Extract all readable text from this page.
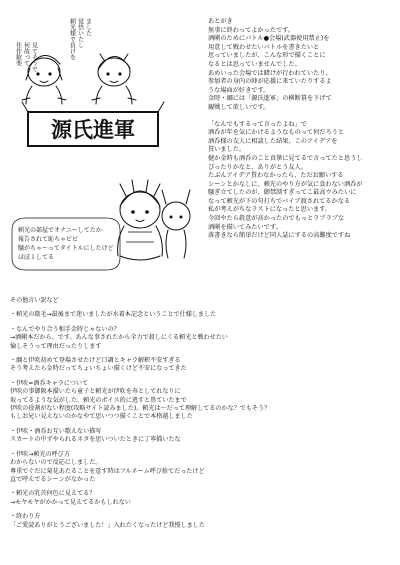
佳作歓楽 何故って 見てそうで	頼光様で負けを 覚悟いたし ました
源氏進軍
頼光の部屋でオナニーしてたか
報告されて恥ちゃビビ
騒がちゃーってタイトルにしたけど
ほぼ１してる

あとがき

無事に終わってよかったです。
酒剛のためにバトル●会場(武器使用禁止)を
用意して戦わせたいバトルを書きたいと
思っていましたが、こんな形で描くことに
なるとは思っていませんでした。
あめいった会場では賭けが行われていたり、
参加者の身内の陣が応援に来ていたりするよ
うな場面が好きです。
金時・綱には「源氏進軍」の横断幕を下げて
観戦して欲しいです。

「なんでもするって言ったよね」で
酒呑が年を気にかけるようなものって何だろうと
酒呑様の友人に相談した結果、このアイデアを
貰いました。
健か金時も酒呑のこと真摯に見てるで言ってたと思うし
ぴったりかなと、ありがとう友人。
たぶんアイデア貰わなかったら、ただお願いする
シーンとかなしに、頼光のやり方が気に食わない酒呑が
騒ぎ立てしたのが、御禁制すぎってこ最高ウみたいに
なって頼光が下の句打ちでバイブ渡されてるかなる
私が考えがちなラストになったと思います。
今回やたら殺意が高かったのでもっとラブラブな
酒剛を描いてみたいです。
落書きなら簡単だけど同人誌にするの高難度ですね

その他言い訳など

・頼光の陰毛→最後まで迷いましたが水着本記念ということで仕様しました

・なんでやり合う相手金時じゃないの？

→酒剛本だから、です。あんな事されたから全力で殺しにくる頼光と戦わせたい
愉しそうって理由だったりします

・綱と伊吹初めて登場させたけど口調とキャラ解釈不安すぎる

そう考えたら金時だってちょいちょい描くけど不安になってきた

・伊吹=酒呑キャラについて

伊吹の事御阪本描いたら童子と頼光が伊吹を寿としてれなりに
取ってるような気がした、頼光のボイス的に逃すと鼻ていたまで
伊吹の役割がない程度(攻略サイト読みました)。頼光は～だって理解してるのかな？でもそう？
もしお兄い見えないのかなやて思いつつ描くことで本格越しました

・伊吹・酒呑お互い歌えない描写

スカートの中ずやられるネタを思いついたときに丁寧描いたな

・伊吹→頼光の呼び方

わからないので反応にしました。
尊重でぐだに菊花あたることを意す時はフルネーム呼び捨てだったけど
直で呼んでるシーンがなかった

・頼光の乳首何色に見えてる？

→モヤモヤがかかって見えてるかもしれない

・終わり方

「ご愛読ありがとうございました！」入れたくなったけど我慢しました
